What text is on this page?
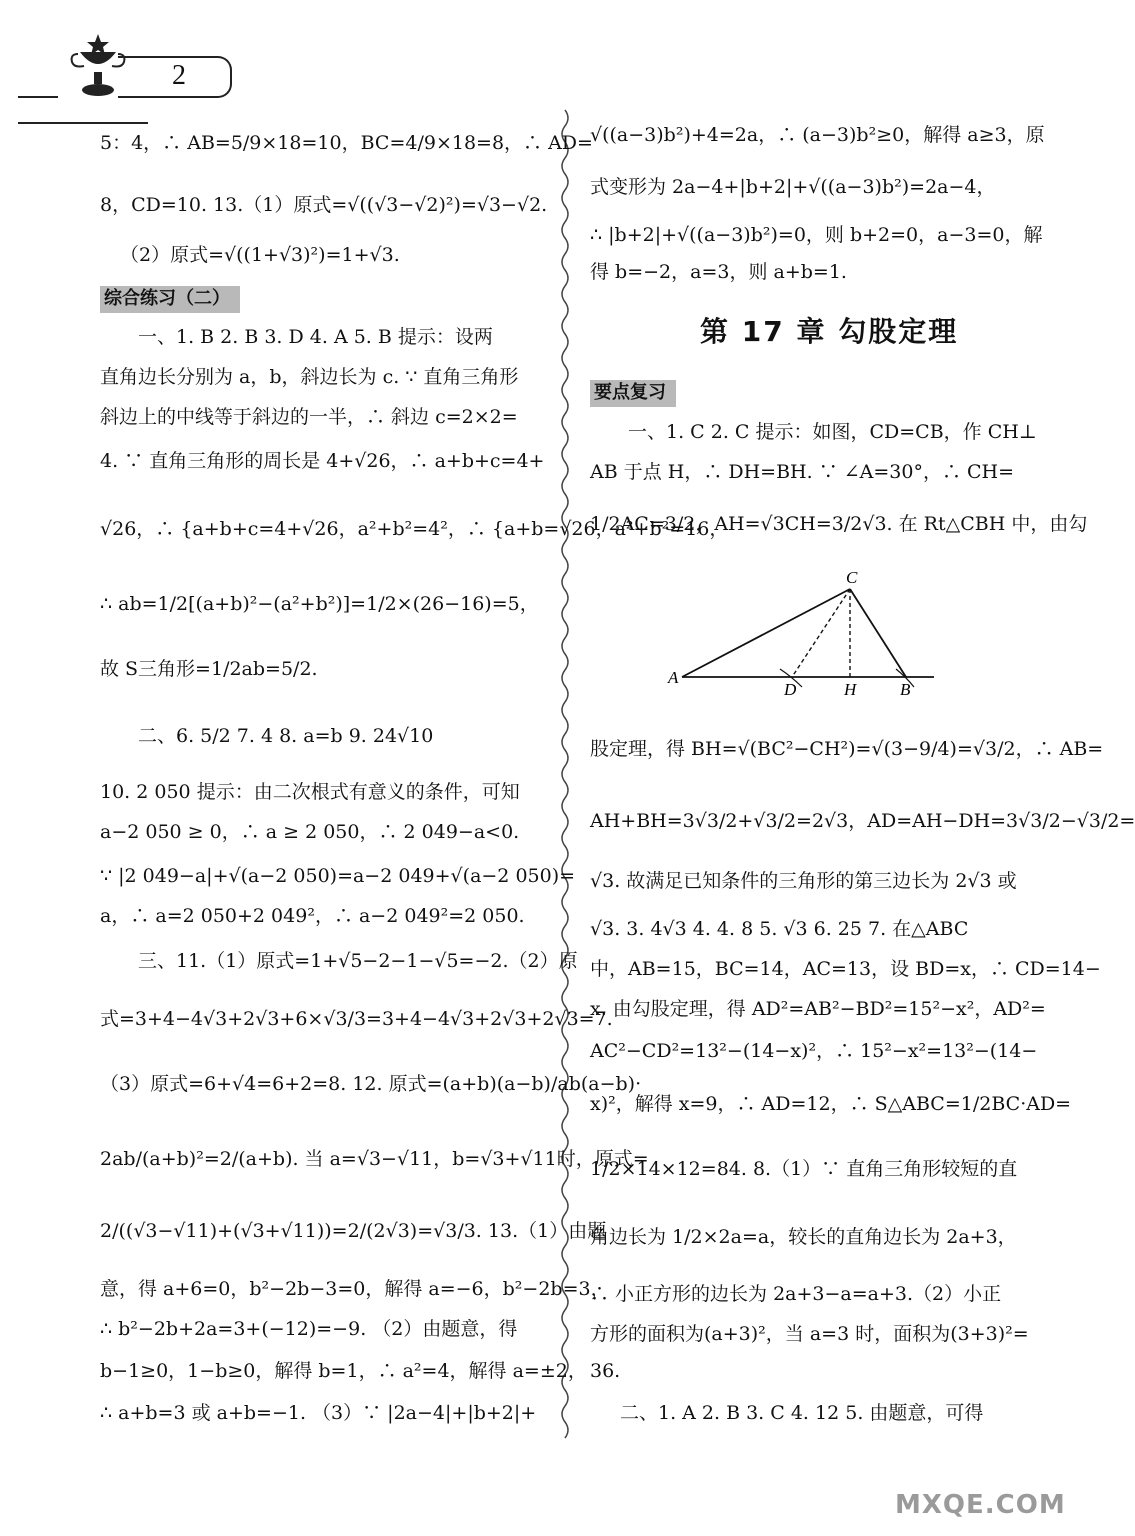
2
5：4，∴ AB=5/9×18=10，BC=4/9×18=8，∴ AD=
8，CD=10. 13.（1）原式=√((√3−√2)²)=√3−√2.
（2）原式=√((1+√3)²)=1+√3.
综合练习（二）
一、1. B 2. B 3. D 4. A 5. B 提示：设两
直角边长分别为 a，b，斜边长为 c. ∵ 直角三角形
斜边上的中线等于斜边的一半，∴ 斜边 c=2×2=
4. ∵ 直角三角形的周长是 4+√26，∴ a+b+c=4+
√26，∴ {a+b+c=4+√26，a²+b²=4²，∴ {a+b=√26，a²+b²=16，
∴ ab=1/2[(a+b)²−(a²+b²)]=1/2×(26−16)=5，
故 S三角形=1/2ab=5/2.
二、6. 5/2 7. 4 8. a=b 9. 24√10
10. 2 050 提示：由二次根式有意义的条件，可知
a−2 050 ≥ 0，∴ a ≥ 2 050，∴ 2 049−a<0.
∵ |2 049−a|+√(a−2 050)=a−2 049+√(a−2 050)=
a，∴ a=2 050+2 049²，∴ a−2 049²=2 050.
三、11.（1）原式=1+√5−2−1−√5=−2.（2）原
式=3+4−4√3+2√3+6×√3/3=3+4−4√3+2√3+2√3=7.
（3）原式=6+√4=6+2=8. 12. 原式=(a+b)(a−b)/ab(a−b)·
2ab/(a+b)²=2/(a+b). 当 a=√3−√11，b=√3+√11时，原式=
2/((√3−√11)+(√3+√11))=2/(2√3)=√3/3. 13.（1）由题
意，得 a+6=0，b²−2b−3=0，解得 a=−6，b²−2b=3，
∴ b²−2b+2a=3+(−12)=−9. （2）由题意，得
b−1≥0，1−b≥0，解得 b=1，∴ a²=4，解得 a=±2，
∴ a+b=3 或 a+b=−1. （3）∵ |2a−4|+|b+2|+
√((a−3)b²)+4=2a，∴ (a−3)b²≥0，解得 a≥3，原
式变形为 2a−4+|b+2|+√((a−3)b²)=2a−4，
∴ |b+2|+√((a−3)b²)=0，则 b+2=0，a−3=0，解
得 b=−2，a=3，则 a+b=1.
第 17 章 勾股定理
要点复习
一、1. C 2. C 提示：如图，CD=CB，作 CH⊥
AB 于点 H，∴ DH=BH. ∵ ∠A=30°，∴ CH=
1/2AC=3/2，AH=√3CH=3/2√3. 在 Rt△CBH 中，由勾
股定理，得 BH=√(BC²−CH²)=√(3−9/4)=√3/2，∴ AB=
AH+BH=3√3/2+√3/2=2√3，AD=AH−DH=3√3/2−√3/2=
√3. 故满足已知条件的三角形的第三边长为 2√3 或
√3. 3. 4√3 4. 4. 8 5. √3 6. 25 7. 在△ABC
中，AB=15，BC=14，AC=13，设 BD=x，∴ CD=14−
x. 由勾股定理，得 AD²=AB²−BD²=15²−x²，AD²=
AC²−CD²=13²−(14−x)²，∴ 15²−x²=13²−(14−
x)²，解得 x=9，∴ AD=12，∴ S△ABC=1/2BC·AD=
1/2×14×12=84. 8.（1）∵ 直角三角形较短的直
角边长为 1/2×2a=a，较长的直角边长为 2a+3，
∴ 小正方形的边长为 2a+3−a=a+3.（2）小正
方形的面积为(a+3)²，当 a=3 时，面积为(3+3)²=
36.
二、1. A 2. B 3. C 4. 12 5. 由题意，可得
A
C
D	H	B
MXQE.COM
